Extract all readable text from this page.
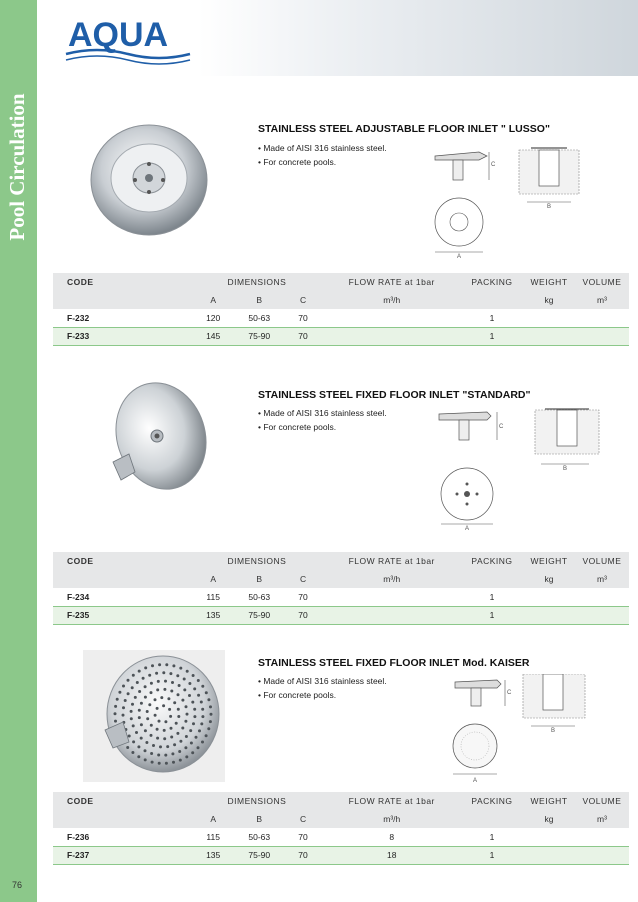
Pool Circulation
76
AQUA
STAINLESS STEEL ADJUSTABLE FLOOR INLET " LUSSO"
• Made of AISI 316 stainless steel.
• For concrete pools.	C
A
B
CODE	DIMENSIONS			FLOW RATE at 1bar	PACKING	WEIGHT	VOLUME
	A	B	C	m³/h		kg	m³
F-232	120	50-63	70		1		
F-233	145	75-90	70		1		
STAINLESS STEEL FIXED FLOOR INLET "STANDARD"
• Made of AISI 316 stainless steel.
• For concrete pools.	C
A
B
CODE	DIMENSIONS			FLOW RATE at 1bar	PACKING	WEIGHT	VOLUME
	A	B	C	m³/h		kg	m³
F-234	115	50-63	70		1		
F-235	135	75-90	70		1		
STAINLESS STEEL FIXED FLOOR INLET Mod. KAISER
• Made of AISI 316 stainless steel.
• For concrete pools.	C
A
B
CODE	DIMENSIONS			FLOW RATE at 1bar	PACKING	WEIGHT	VOLUME
	A	B	C	m³/h		kg	m³
F-236	115	50-63	70	8	1		
F-237	135	75-90	70	18	1		
